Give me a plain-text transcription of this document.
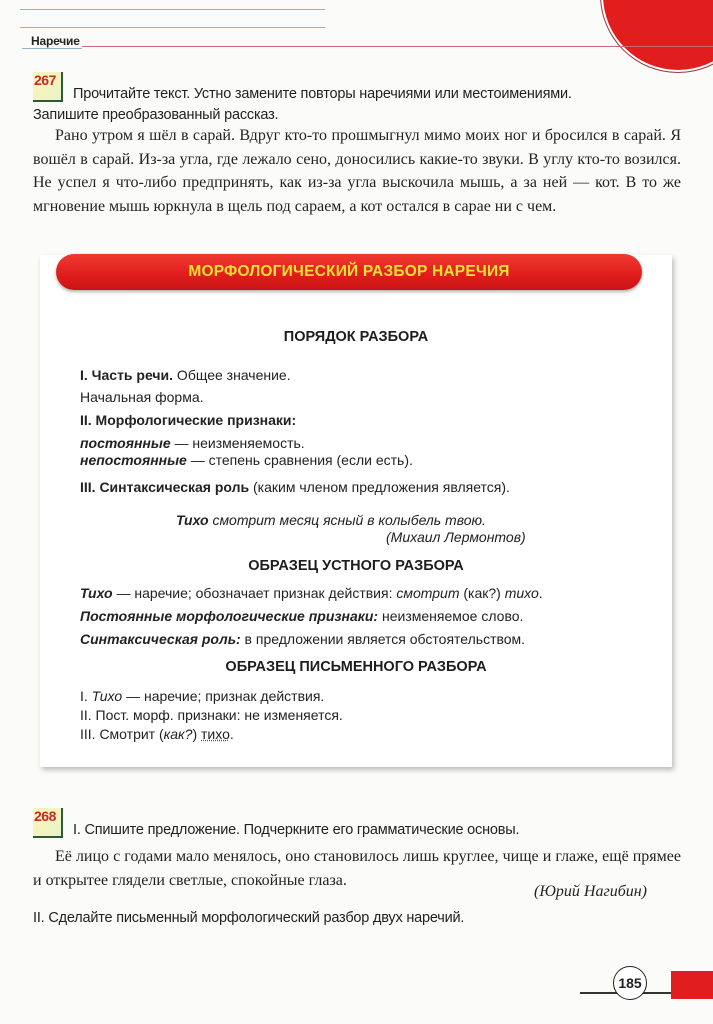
Наречие
267
Прочитайте текст. Устно замените повторы наречиями или местоимениями.
Запишите преобразованный рассказ.

Рано утром я шёл в сарай. Вдруг кто-то прошмыгнул мимо моих ног и бросился в сарай. Я вошёл в сарай. Из-за угла, где лежало сено, доносились какие-то звуки. В углу кто-то возился. Не успел я что-либо предпринять, как из-за угла выскочила мышь, а за ней — кот. В то же мгновение мышь юркнула в щель под сараем, а кот остался в сарае ни с чем.

МОРФОЛОГИЧЕСКИЙ РАЗБОР НАРЕЧИЯ
ПОРЯДОК РАЗБОРА
I. Часть речи. Общее значение.
Начальная форма.
II. Морфологические признаки:
постоянные — неизменяемость.
непостоянные — степень сравнения (если есть).
III. Синтаксическая роль (каким членом предложения является).
Тихо смотрит месяц ясный в колыбель твою.
(Михаил Лермонтов)
ОБРАЗЕЦ УСТНОГО РАЗБОРА
Тихо — наречие; обозначает признак действия: смотрит (как?) тихо.
Постоянные морфологические признаки: неизменяемое слово.
Синтаксическая роль: в предложении является обстоятельством.
ОБРАЗЕЦ ПИСЬМЕННОГО РАЗБОРА
I. Тихо — наречие; признак действия.
II. Пост. морф. признаки: не изменяется.
III. Смотрит (как?) тихо.
268
I. Спишите предложение. Подчеркните его грамматические основы.

Её лицо с годами мало менялось, оно становилось лишь круглее, чище и глаже, ещё прямее и открытее глядели светлые, спокойные глаза.

(Юрий Нагибин)
II. Сделайте письменный морфологический разбор двух наречий.
185
